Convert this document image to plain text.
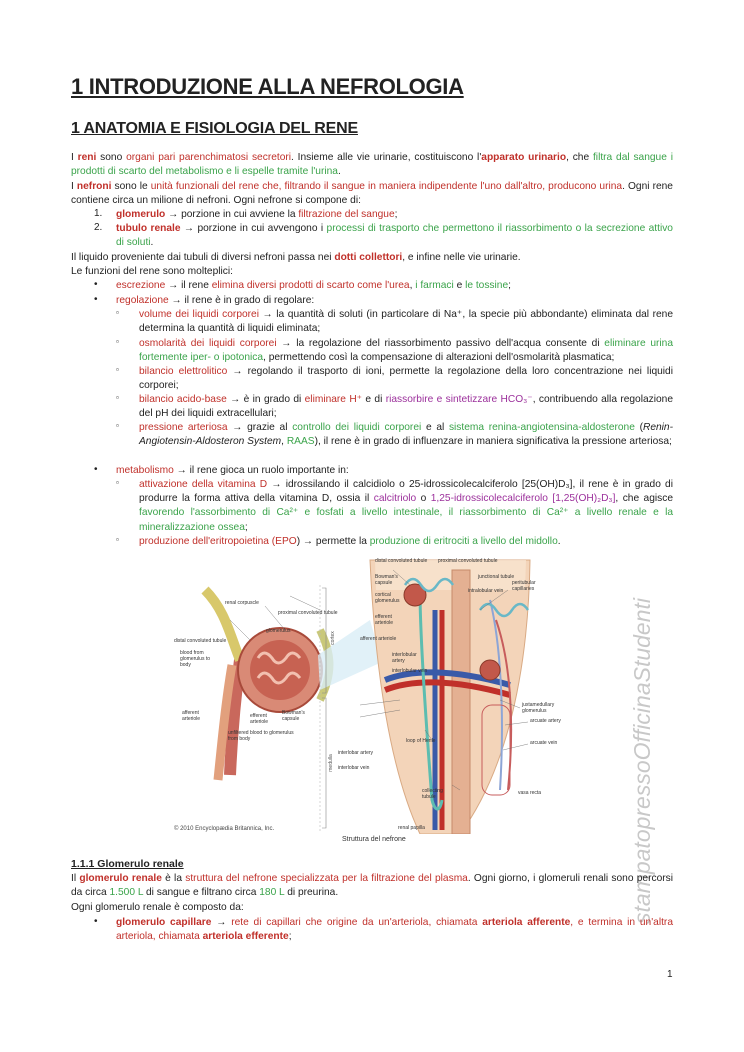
1 INTRODUZIONE ALLA NEFROLOGIA
1 ANATOMIA E FISIOLOGIA DEL RENE
I reni sono organi pari parenchimatosi secretori. Insieme alle vie urinarie, costituiscono l'apparato urinario, che filtra dal sangue i prodotti di scarto del metabolismo e li espelle tramite l'urina.
I nefroni sono le unità funzionali del rene che, filtrando il sangue in maniera indipendente l'uno dall'altro, producono urina. Ogni rene contiene circa un milione di nefroni. Ogni nefrone si compone di:
1. glomerulo → porzione in cui avviene la filtrazione del sangue;
2. tubulo renale → porzione in cui avvengono i processi di trasporto che permettono il riassorbimento o la secrezione attivo di soluti.
Il liquido proveniente dai tubuli di diversi nefroni passa nei dotti collettori, e infine nelle vie urinarie.
Le funzioni del rene sono molteplici:
• escrezione → il rene elimina diversi prodotti di scarto come l'urea, i farmaci e le tossine;
• regolazione → il rene è in grado di regolare:
▫ volume dei liquidi corporei → la quantità di soluti (in particolare di Na⁺, la specie più abbondante) eliminata dal rene determina la quantità di liquidi eliminata;
▫ osmolarità dei liquidi corporei → la regolazione del riassorbimento passivo dell'acqua consente di eliminare urina fortemente iper- o ipotonica, permettendo così la compensazione di alterazioni dell'osmolarità plasmatica;
▫ bilancio elettrolitico → regolando il trasporto di ioni, permette la regolazione della loro concentrazione nei liquidi corporei;
▫ bilancio acido-base → è in grado di eliminare H⁺ e di riassorbire e sintetizzare HCO₃⁻, contribuendo alla regolazione del pH dei liquidi extracellulari;
▫ pressione arteriosa → grazie al controllo dei liquidi corporei e al sistema renina-angiotensina-aldosterone (Renin-Angiotensin-Aldosteron System, RAAS), il rene è in grado di influenzare in maniera significativa la pressione arteriosa;
• metabolismo → il rene gioca un ruolo importante in:
▫ attivazione della vitamina D → idrossilando il calcidiolo o 25-idrossicolecalciferolo [25(OH)D₃], il rene è in grado di produrre la forma attiva della vitamina D, ossia il calcitriolo o 1,25-idrossicolecalciferolo [1,25(OH)₂D₃], che agisce favorendo l'assorbimento di Ca²⁺ e fosfati a livello intestinale, il riassorbimento di Ca²⁺ a livello renale e la mineralizzazione ossea;
▫ produzione dell'eritropoietina (EPO) → permette la produzione di eritrociti a livello del midollo.
renal corpuscle
proximal convoluted tubule
glomerulus
distal convoluted tubule
blood from glomerulus to body
afferent arteriole	efferent arteriole
Bowman's capsule
unfiltered blood to glomerulus from body
cortex
medulla
distal convoluted tubule proximal convoluted tubule
Bowman's capsule
cortical glomerulus
efferent arteriole
afferent arteriole
interlobular artery
interlobular vein
junctional tubule
intralobular vein
peritubular capillaries
juxtamedullary glomerulus
arcuate artery
arcuate vein
loop of Henle
vasa recta
interlobar artery
interlobar vein
collecting tubule
renal papilla
© 2010 Encyclopædia Britannica, Inc.
Struttura del nefrone	stampatopressoOfficinaStudenti
1.1.1 Glomerulo renale
Il glomerulo renale è la struttura del nefrone specializzata per la filtrazione del plasma. Ogni giorno, i glomeruli renali sono percorsi da circa 1.500 L di sangue e filtrano circa 180 L di preurina.
Ogni glomerulo renale è composto da:
• glomerulo capillare → rete di capillari che origine da un'arteriola, chiamata arteriola afferente, e termina in un'altra arteriola, chiamata arteriola efferente;
1
